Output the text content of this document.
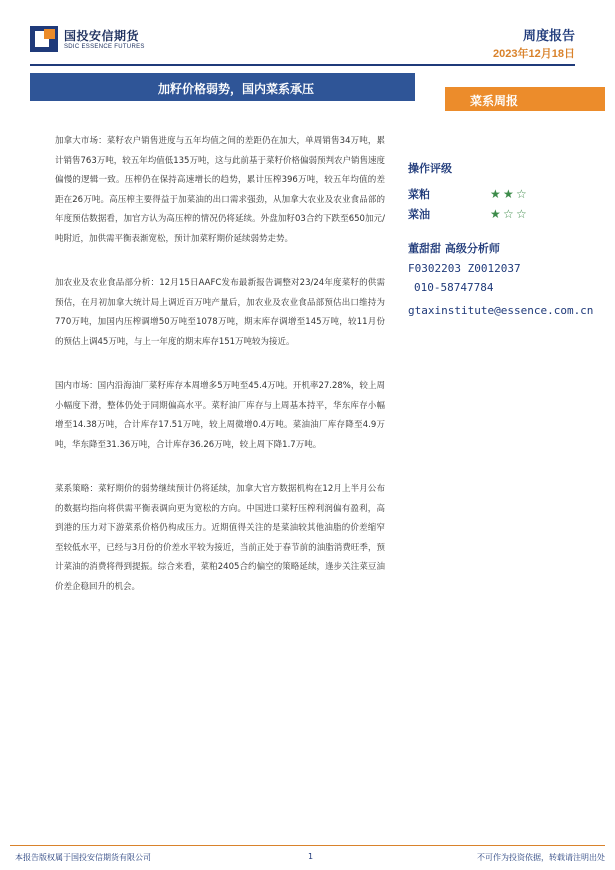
国投安信期货
SDIC ESSENCE FUTURES
周度报告
2023年12月18日
加籽价格弱势，国内菜系承压
菜系周报
操作评级
菜粕	★ ★ ☆
菜油	★ ☆ ☆
董甜甜 高级分析师
F0302203 Z0012037
010-58747784
gtaxinstitute@essence.com.cn

加拿大市场：菜籽农户销售进度与五年均值之间的差距仍在加大，单周销售34万吨，累计销售763万吨，较五年均值低135万吨，这与此前基于菜籽价格偏弱预判农户销售速度偏慢的逻辑一致。压榨仍在保持高速增长的趋势，累计压榨396万吨，较五年均值的差距在26万吨。高压榨主要得益于加菜油的出口需求强劲，从加拿大农业及农业食品部的年度预估数据看，加官方认为高压榨的情况仍将延续。外盘加籽03合约下跌至650加元/吨附近，加供需平衡表渐宽松，预计加菜籽期价延续弱势走势。

加农业及农业食品部分析：12月15日AAFC发布最新报告调整对23/24年度菜籽的供需预估，在月初加拿大统计局上调近百万吨产量后，加农业及农业食品部预估出口维持为770万吨，加国内压榨调增50万吨至1078万吨，期末库存调增至145万吨，较11月份的预估上调45万吨，与上一年度的期末库存151万吨较为接近。

国内市场：国内沿海油厂菜籽库存本周增多5万吨至45.4万吨。开机率27.28%，较上周小幅度下滑，整体仍处于同期偏高水平。菜籽油厂库存与上周基本持平，华东库存小幅增至14.38万吨，合计库存17.51万吨，较上周微增0.4万吨。菜油油厂库存降至4.9万吨，华东降至31.36万吨，合计库存36.26万吨，较上周下降1.7万吨。

菜系策略：菜籽期价的弱势继续预计仍将延续，加拿大官方数据机构在12月上半月公布的数据均指向将供需平衡表调向更为宽松的方向。中国进口菜籽压榨利润偏有盈利，高到港的压力对下游菜系价格仍构成压力。近期值得关注的是菜油较其他油脂的价差缩窄至较低水平，已经与3月份的价差水平较为接近，当前正处于春节前的油脂消费旺季，预计菜油的消费将得到提振。综合来看，菜粕2405合约偏空的策略延续，逢步关注菜豆油价差企稳回升的机会。

本报告版权属于国投安信期货有限公司	1	不可作为投资依据，转载请注明出处
